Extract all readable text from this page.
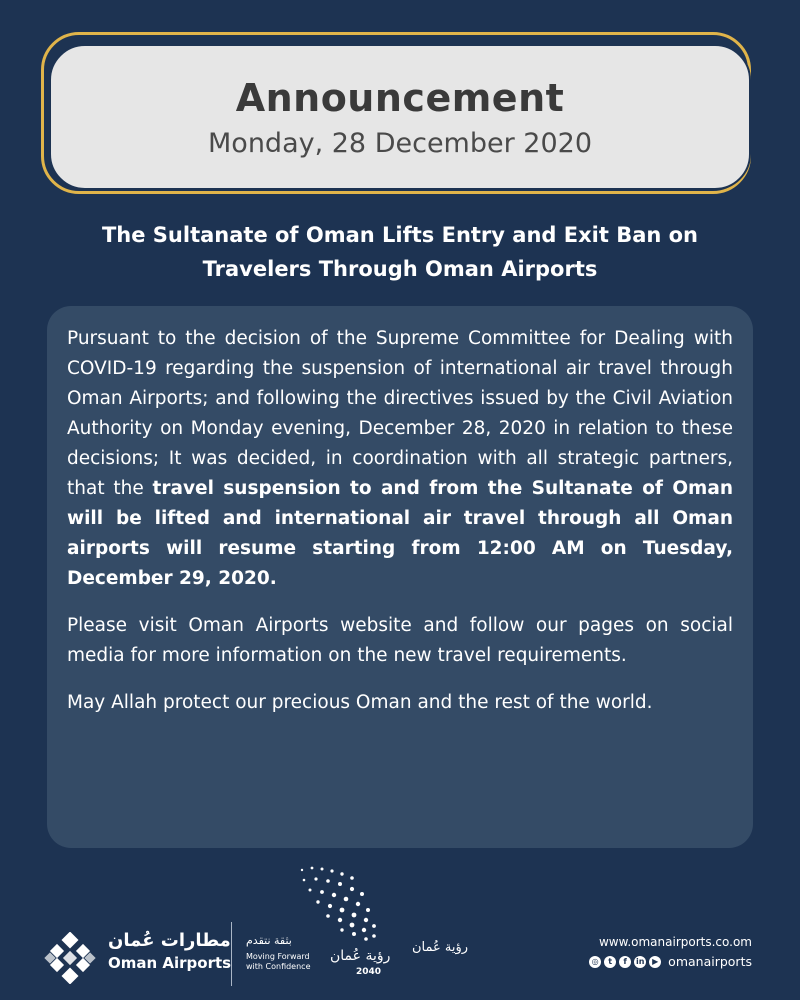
Announcement
Monday, 28 December 2020
The Sultanate of Oman Lifts Entry and Exit Ban on
Travelers Through Oman Airports

Pursuant to the decision of the Supreme Committee for Dealing with COVID-19 regarding the suspension of international air travel through Oman Airports; and following the directives issued by the Civil Aviation Authority on Monday evening, December 28, 2020 in relation to these decisions; It was decided, in coordination with all strategic partners, that the travel suspension to and from the Sultanate of Oman will be lifted and international air travel through all Oman airports will resume starting from 12:00 AM on Tuesday, December 29, 2020.

Please visit Oman Airports website and follow our pages on social media for more information on the new travel requirements.

May Allah protect our precious Oman and the rest of the world.

مطارات عُمان
Oman Airports
بثقة نتقدم
Moving Forward with Confidence
رؤية عُمان
2040
رؤية عُمان	www.omanairports.co.om
◎	t	f	in ▶ omanairports
